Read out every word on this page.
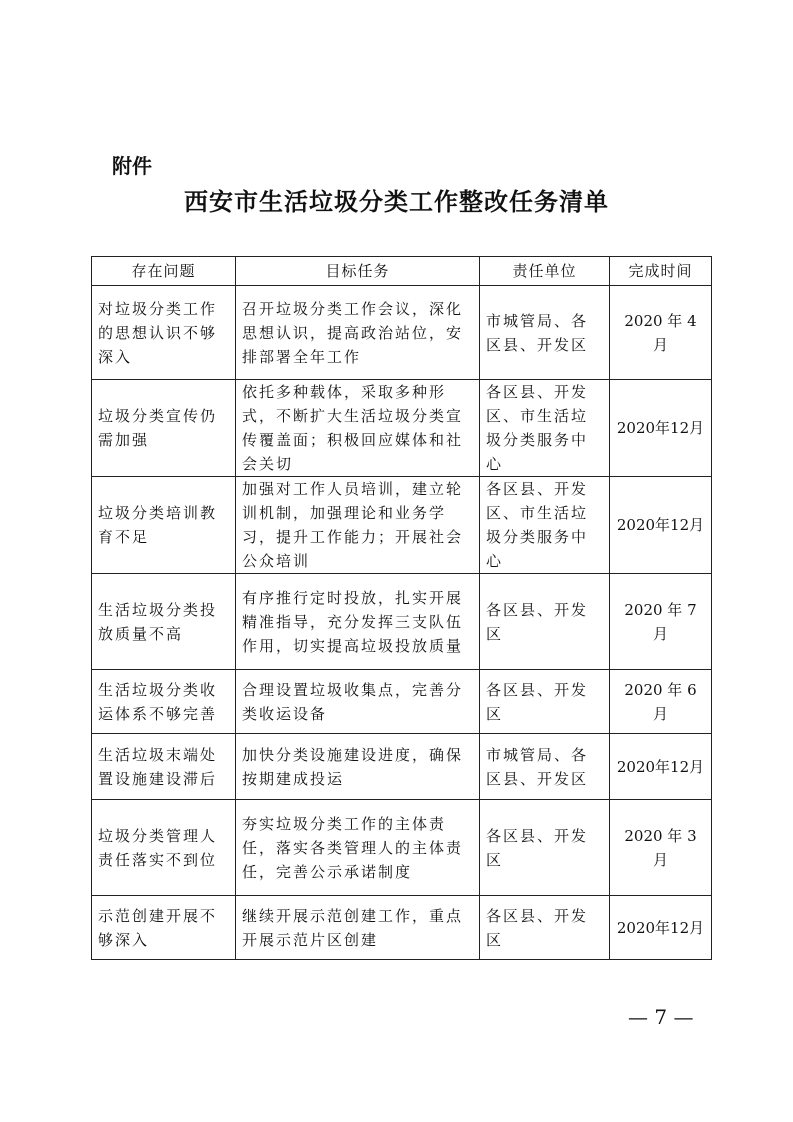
附件
西安市生活垃圾分类工作整改任务清单
存在问题	目标任务	责任单位	完成时间
对垃圾分类工作的思想认识不够深入	召开垃圾分类工作会议，深化思想认识，提高政治站位，安排部署全年工作	市城管局、各区县、开发区	2020 年 4 月
垃圾分类宣传仍需加强	依托多种载体，采取多种形式，不断扩大生活垃圾分类宣传覆盖面；积极回应媒体和社会关切	各区县、开发区、市生活垃圾分类服务中心	2020年12月
垃圾分类培训教育不足	加强对工作人员培训，建立轮训机制，加强理论和业务学习，提升工作能力；开展社会公众培训	各区县、开发区、市生活垃圾分类服务中心	2020年12月
生活垃圾分类投放质量不高	有序推行定时投放，扎实开展精准指导，充分发挥三支队伍作用，切实提高垃圾投放质量	各区县、开发区	2020 年 7 月
生活垃圾分类收运体系不够完善	合理设置垃圾收集点，完善分类收运设备	各区县、开发区	2020 年 6 月
生活垃圾末端处置设施建设滞后	加快分类设施建设进度，确保按期建成投运	市城管局、各区县、开发区	2020年12月
垃圾分类管理人责任落实不到位	夯实垃圾分类工作的主体责任，落实各类管理人的主体责任，完善公示承诺制度	各区县、开发区	2020 年 3 月
示范创建开展不够深入	继续开展示范创建工作，重点开展示范片区创建	各区县、开发区	2020年12月
— 7 —
